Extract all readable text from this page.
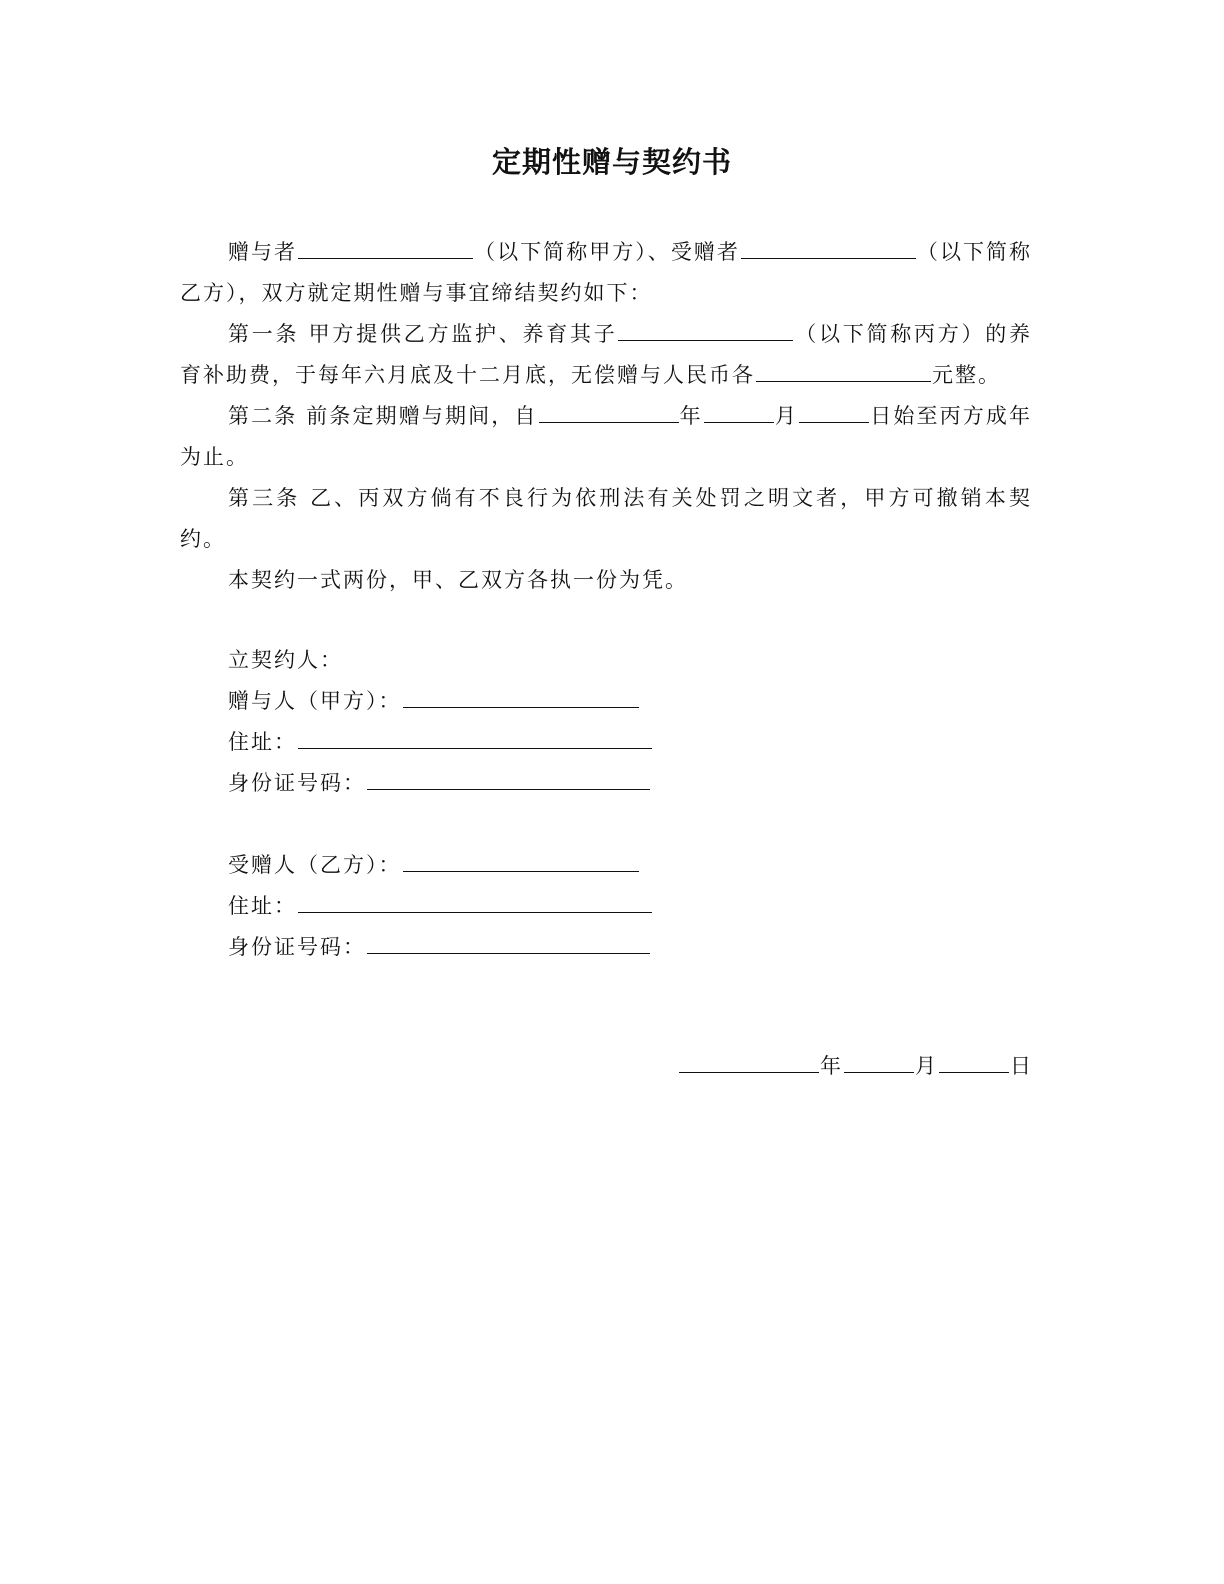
定期性赠与契约书

赠与者	（以下简称甲方）、受赠者	（以下简称乙方），双方就定期性赠与事宜缔结契约如下：

第一条 甲方提供乙方监护、养育其子	（以下简称丙方）的养育补助费，于每年六月底及十二月底，无偿赠与人民币各	元整。

第二条 前条定期赠与期间，自	年	月	日始至丙方成年为止。

第三条 乙、丙双方倘有不良行为依刑法有关处罚之明文者，甲方可撤销本契约。

本契约一式两份，甲、乙双方各执一份为凭。

立契约人：
赠与人（甲方）：
住址：
身份证号码：
受赠人（乙方）：
住址：
身份证号码：
年	月	日
